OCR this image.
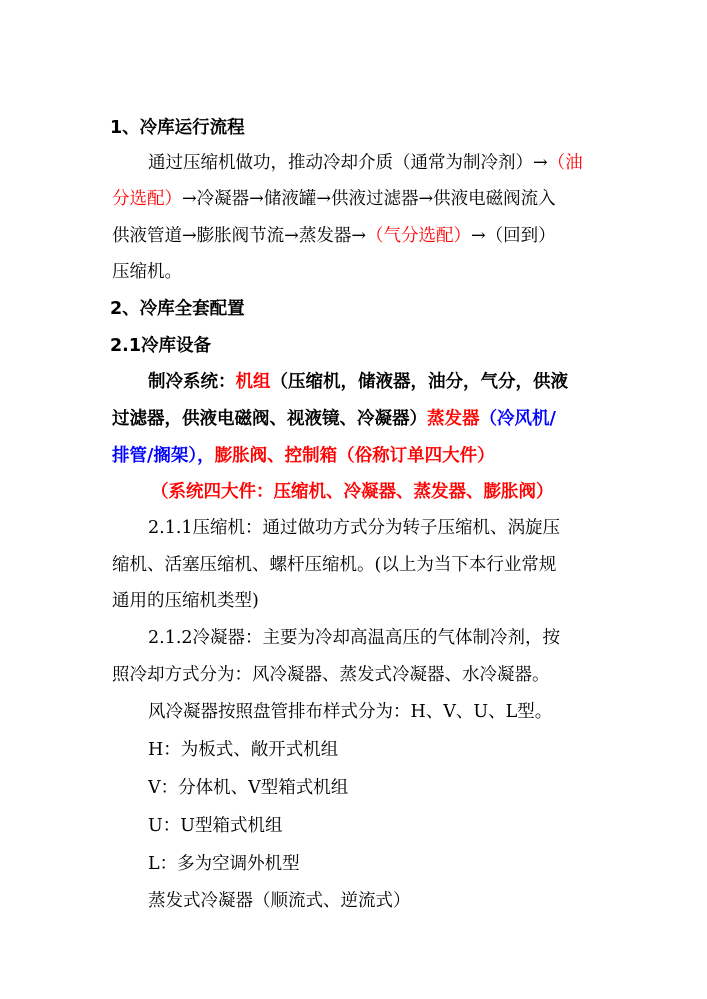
1、冷库运行流程
通过压缩机做功，推动冷却介质（通常为制冷剂）→（油
分选配）→冷凝器→储液罐→供液过滤器→供液电磁阀流入
供液管道→膨胀阀节流→蒸发器→（气分选配）→（回到）
压缩机。
2、冷库全套配置
2.1冷库设备
制冷系统：机组（压缩机，储液器，油分，气分，供液
过滤器，供液电磁阀、视液镜、冷凝器）蒸发器（冷风机/
排管/搁架），膨胀阀、控制箱（俗称订单四大件）
（系统四大件：压缩机、冷凝器、蒸发器、膨胀阀）
2.1.1压缩机：通过做功方式分为转子压缩机、涡旋压
缩机、活塞压缩机、螺杆压缩机。(以上为当下本行业常规
通用的压缩机类型)
2.1.2冷凝器：主要为冷却高温高压的气体制冷剂，按
照冷却方式分为：风冷凝器、蒸发式冷凝器、水冷凝器。
风冷凝器按照盘管排布样式分为：H、V、U、L型。
H：为板式、敞开式机组
V：分体机、V型箱式机组
U：U型箱式机组
L：多为空调外机型
蒸发式冷凝器（顺流式、逆流式）
